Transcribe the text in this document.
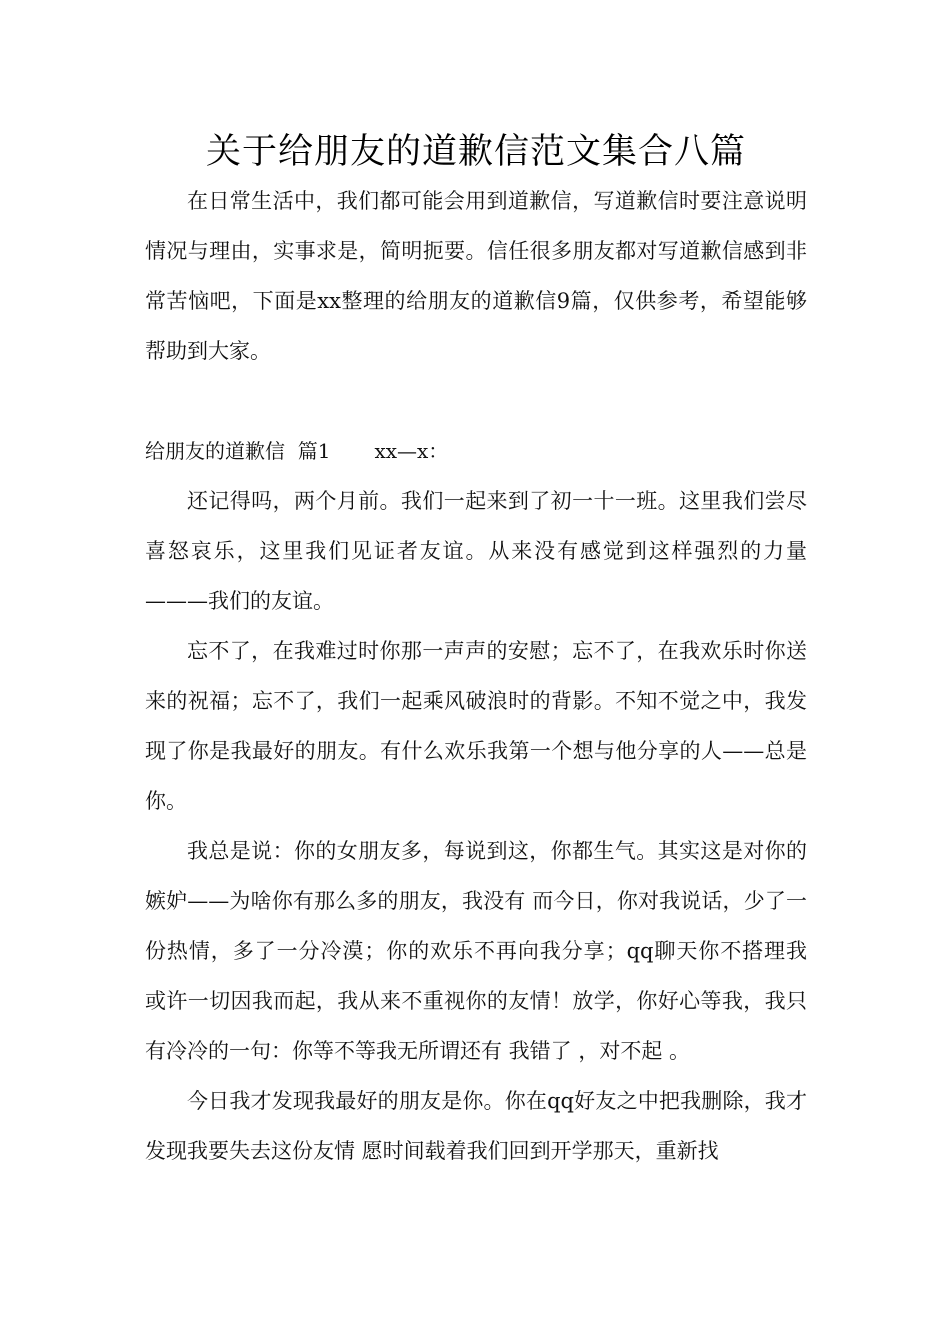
关于给朋友的道歉信范文集合八篇

在日常生活中，我们都可能会用到道歉信，写道歉信时要注意说明情况与理由，实事求是，简明扼要。信任很多朋友都对写道歉信感到非常苦恼吧，下面是xx整理的给朋友的道歉信9篇，仅供参考，希望能够帮助到大家。

给朋友的道歉信  篇1 xx—x：

还记得吗，两个月前。我们一起来到了初一十一班。这里我们尝尽喜怒哀乐，这里我们见证者友谊。从来没有感觉到这样强烈的力量———我们的友谊。

忘不了，在我难过时你那一声声的安慰；忘不了，在我欢乐时你送来的祝福；忘不了，我们一起乘风破浪时的背影。不知不觉之中，我发现了你是我最好的朋友。有什么欢乐我第一个想与他分享的人——总是你。

我总是说：你的女朋友多，每说到这，你都生气。其实这是对你的嫉妒——为啥你有那么多的朋友，我没有 而今日，你对我说话，少了一份热情，多了一分冷漠；你的欢乐不再向我分享；qq聊天你不搭理我 或许一切因我而起，我从来不重视你的友情！放学，你好心等我，我只有冷冷的一句：你等不等我无所谓还有 我错了 ，对不起 。

今日我才发现我最好的朋友是你。你在qq好友之中把我删除，我才发现我要失去这份友情 愿时间载着我们回到开学那天，重新找
